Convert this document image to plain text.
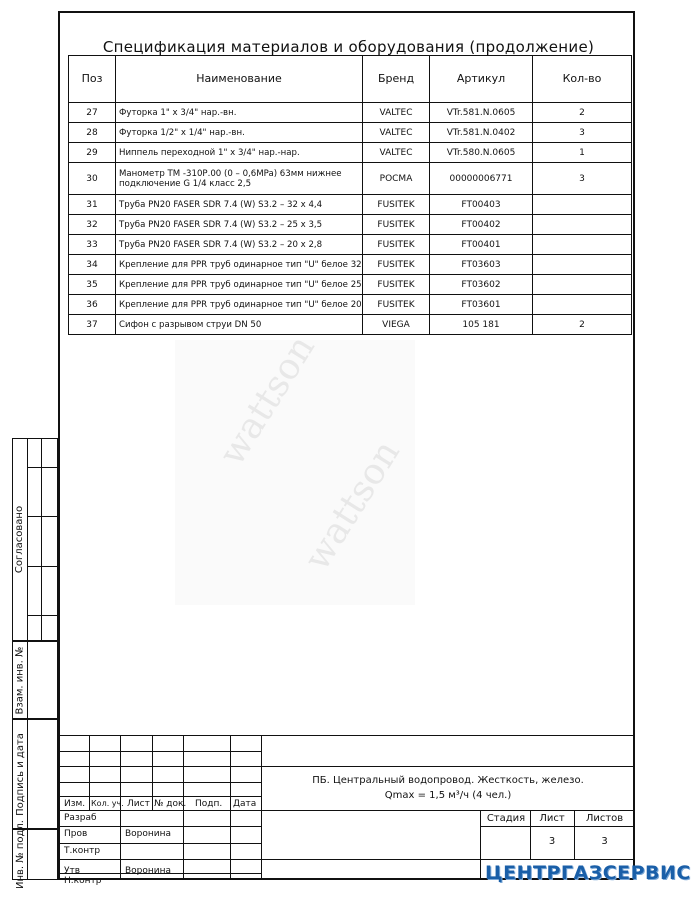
Спецификация материалов и оборудования (продолжение)
Поз	Наименование	Бренд	Артикул	Кол-во
27	Футорка 1" х 3/4" нар.-вн.	VALTEC	VTr.581.N.0605	2
28	Футорка 1/2" х 1/4" нар.-вн.	VALTEC	VTr.581.N.0402	3
29	Ниппель переходной 1" х 3/4" нар.-нар.	VALTEC	VTr.580.N.0605	1
30	Манометр ТМ -310Р.00 (0 – 0,6MPa) 63мм нижнее подключение G 1/4 класс 2,5	РОСМА	00000006771	3
31	Труба PN20 FASER SDR 7.4 (W) S3.2 – 32 х 4,4	FUSITEK	FT00403	
32	Труба PN20 FASER SDR 7.4 (W) S3.2 – 25 х 3,5	FUSITEK	FT00402	
33	Труба PN20 FASER SDR 7.4 (W) S3.2 – 20 х 2,8	FUSITEK	FT00401	
34	Крепление для PPR труб одинарное тип "U" белое 32	FUSITEK	FT03603	
35	Крепление для PPR труб одинарное тип "U" белое 25	FUSITEK	FT03602	
36	Крепление для PPR труб одинарное тип "U" белое 20	FUSITEK	FT03601	
37	Сифон с разрывом струи DN 50	VIEGA	105 181	2
wattson
wattson
Согласовано
Взам. инв. №
Подпись и дата
Инв. № подл.
Изм. Кол. уч. Лист № док. Подп. Дата
Разраб
Пров	Воронина
Т.контр
Н.контр
ПБ. Центральный водопровод. Жесткость, железо.
Qmax = 1,5 м³/ч (4 чел.)
Стадия	Лист	Листов
3	3
Утв	Воронина	ЦЕНТРГАЗСЕРВИС
